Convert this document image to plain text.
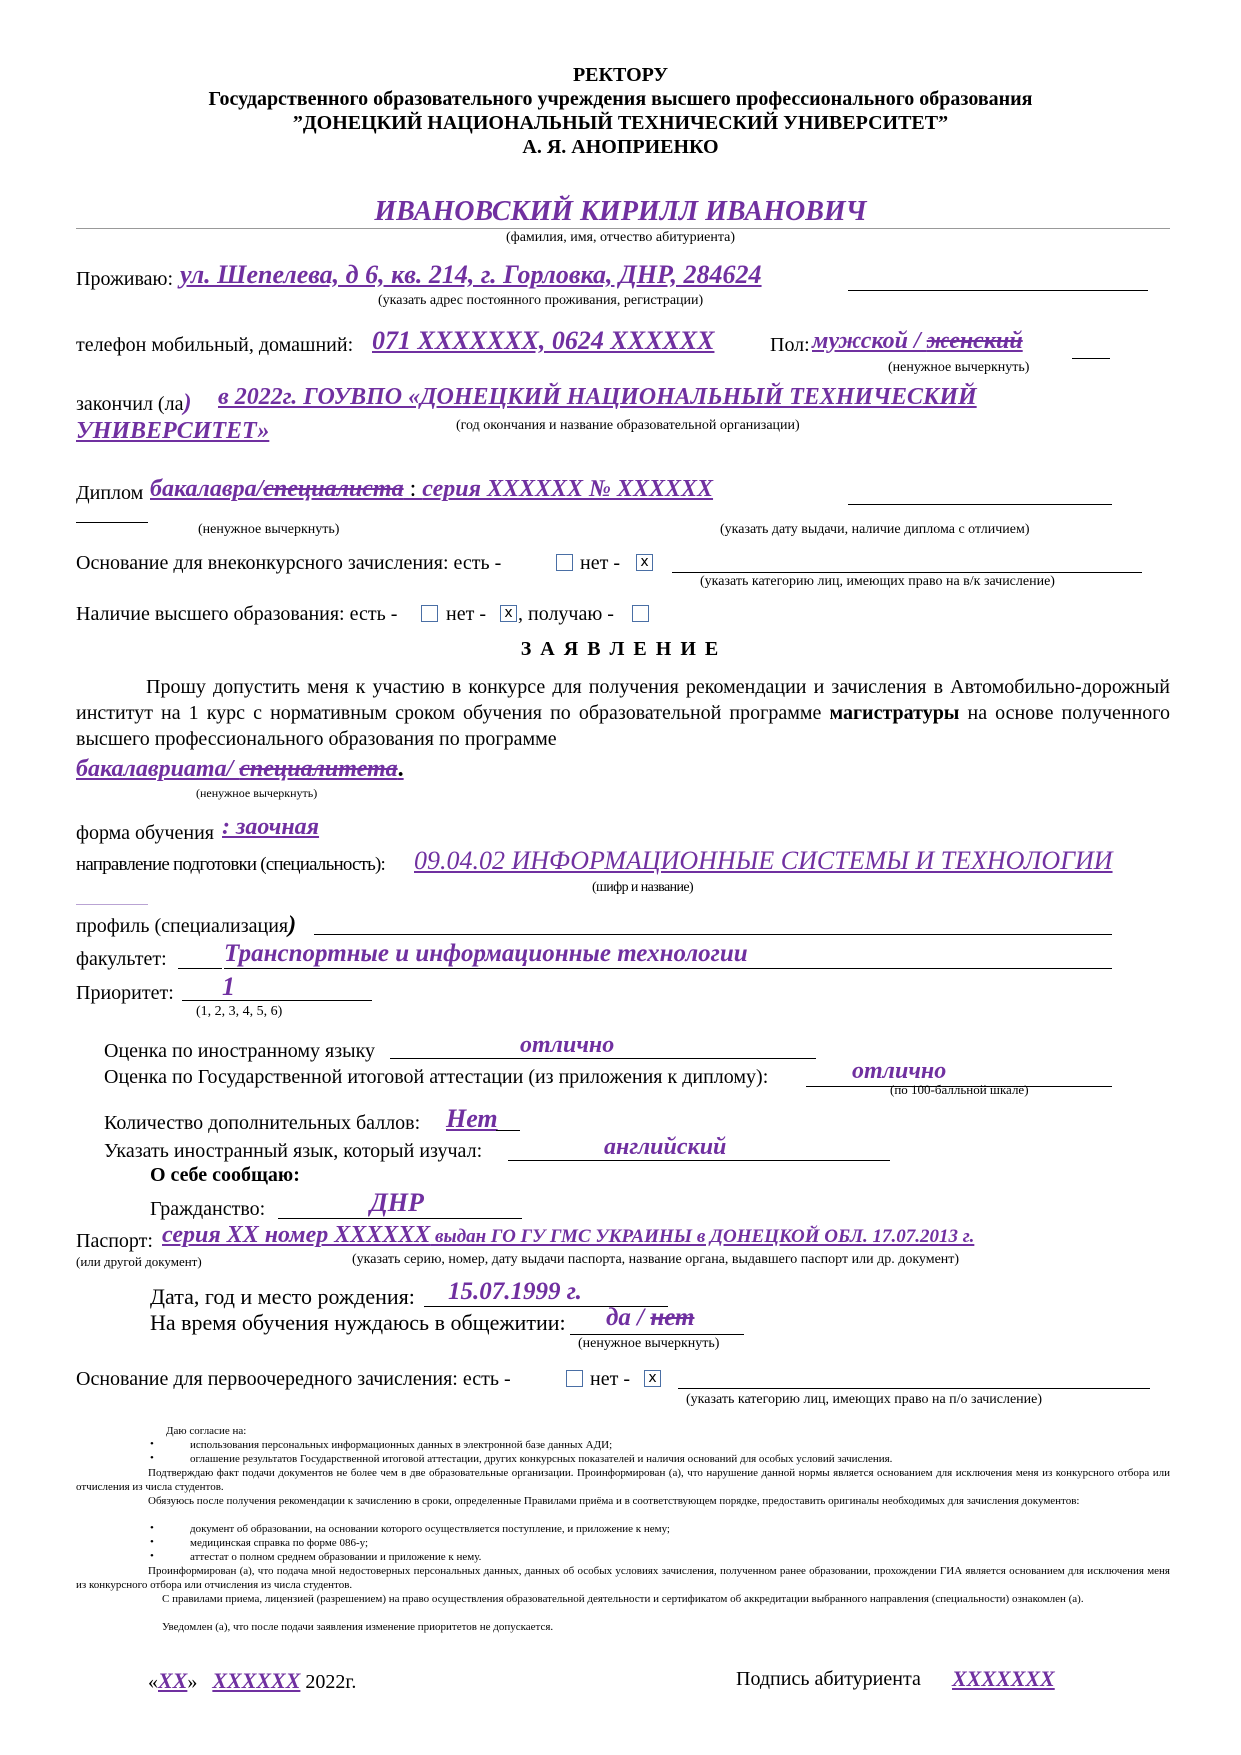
РЕКТОРУ
Государственного образовательного учреждения высшего профессионального образования
”ДОНЕЦКИЙ НАЦИОНАЛЬНЫЙ ТЕХНИЧЕСКИЙ УНИВЕРСИТЕТ”
А. Я. АНОПРИЕНКО
ИВАНОВСКИЙ КИРИЛЛ ИВАНОВИЧ
(фамилия, имя, отчество абитуриента)
Проживаю: ул. Шепелева, д 6, кв. 214, г. Горловка, ДНР, 284624
(указать адрес постоянного проживания, регистрации)
телефон мобильный, домашний: 071 XXXXXXX, 0624 XXXXXX	Пол: мужской / женский
(ненужное вычеркнуть)
закончил (ла) в 2022г. ГОУВПО «ДОНЕЦКИЙ НАЦИОНАЛЬНЫЙ ТЕХНИЧЕСКИЙ
УНИВЕРСИТЕТ»	(год окончания и название образовательной организации)
Диплом бакалавра/специалиста : серия XXXXXX № XXXXXX
(ненужное вычеркнуть)	(указать дату выдачи, наличие диплома с отличием)
Основание для внеконкурсного зачисления: есть -	нет -	x
(указать категорию лиц, имеющих право на в/к зачисление)
Наличие высшего образования: есть - нет -	x , получаю -
З А Я В Л Е Н И Е
Прошу допустить меня к участию в конкурсе для получения рекомендации и зачисления в Автомобильно-дорожный институт на 1 курс с нормативным сроком обучения по образовательной программе магистратуры на основе полученного высшего профессионального образования по программе
бакалавриата/ специалитета.
(ненужное вычеркнуть)
форма обучения : заочная
направление подготовки (специальность): 09.04.02 ИНФОРМАЦИОННЫЕ СИСТЕМЫ И ТЕХНОЛОГИИ
(шифр и название)
профиль (специализация)
факультет: Транспортные и информационные технологии
Приоритет: 1
(1, 2, 3, 4, 5, 6)
Оценка по иностранному языку	отлично
Оценка по Государственной итоговой аттестации (из приложения к диплому):	отлично
(по 100-балльной шкале)
Количество дополнительных баллов: Нет
Указать иностранный язык, который изучал:	английский
О себе сообщаю:
Гражданство:	ДНР
Паспорт: серия XX номер XXXXXX выдан ГО ГУ ГМС УКРАИНЫ в ДОНЕЦКОЙ ОБЛ. 17.07.2013 г.
(или другой документ)	(указать серию, номер, дату выдачи паспорта, название органа, выдавшего паспорт или др. документ)
Дата, год и место рождения: 15.07.1999 г.
На время обучения нуждаюсь в общежитии: да / нет
(ненужное вычеркнуть)
Основание для первоочередного зачисления: есть -	нет -	x
(указать категорию лиц, имеющих право на п/о зачисление)
Даю согласие на:
•	использования персональных информационных данных в электронной базе данных АДИ;
•	оглашение результатов Государственной итоговой аттестации, других конкурсных показателей и наличия оснований для особых условий зачисления.
Подтверждаю факт подачи документов не более чем в две образовательные организации. Проинформирован (а), что нарушение данной нормы является основанием для исключения меня из конкурсного отбора или отчисления из числа студентов.
Обязуюсь после получения рекомендации к зачислению в сроки, определенные Правилами приёма и в соответствующем порядке, предоставить оригиналы необходимых для зачисления документов:
•	документ об образовании, на основании которого осуществляется поступление, и приложение к нему;
•	медицинская справка по форме 086-у;
•	аттестат о полном среднем образовании и приложение к нему.
Проинформирован (а), что подача мной недостоверных персональных данных, данных об особых условиях зачисления, полученном ранее образовании, прохождении ГИА является основанием для исключения меня из конкурсного отбора или отчисления из числа студентов.
С правилами приема, лицензией (разрешением) на право осуществления образовательной деятельности и сертификатом об аккредитации выбранного направления (специальности) ознакомлен (а).
Уведомлен (а), что после подачи заявления изменение приоритетов не допускается.
«XX» XXXXXX 2022г.	Подпись абитуриента XXXXXXX
